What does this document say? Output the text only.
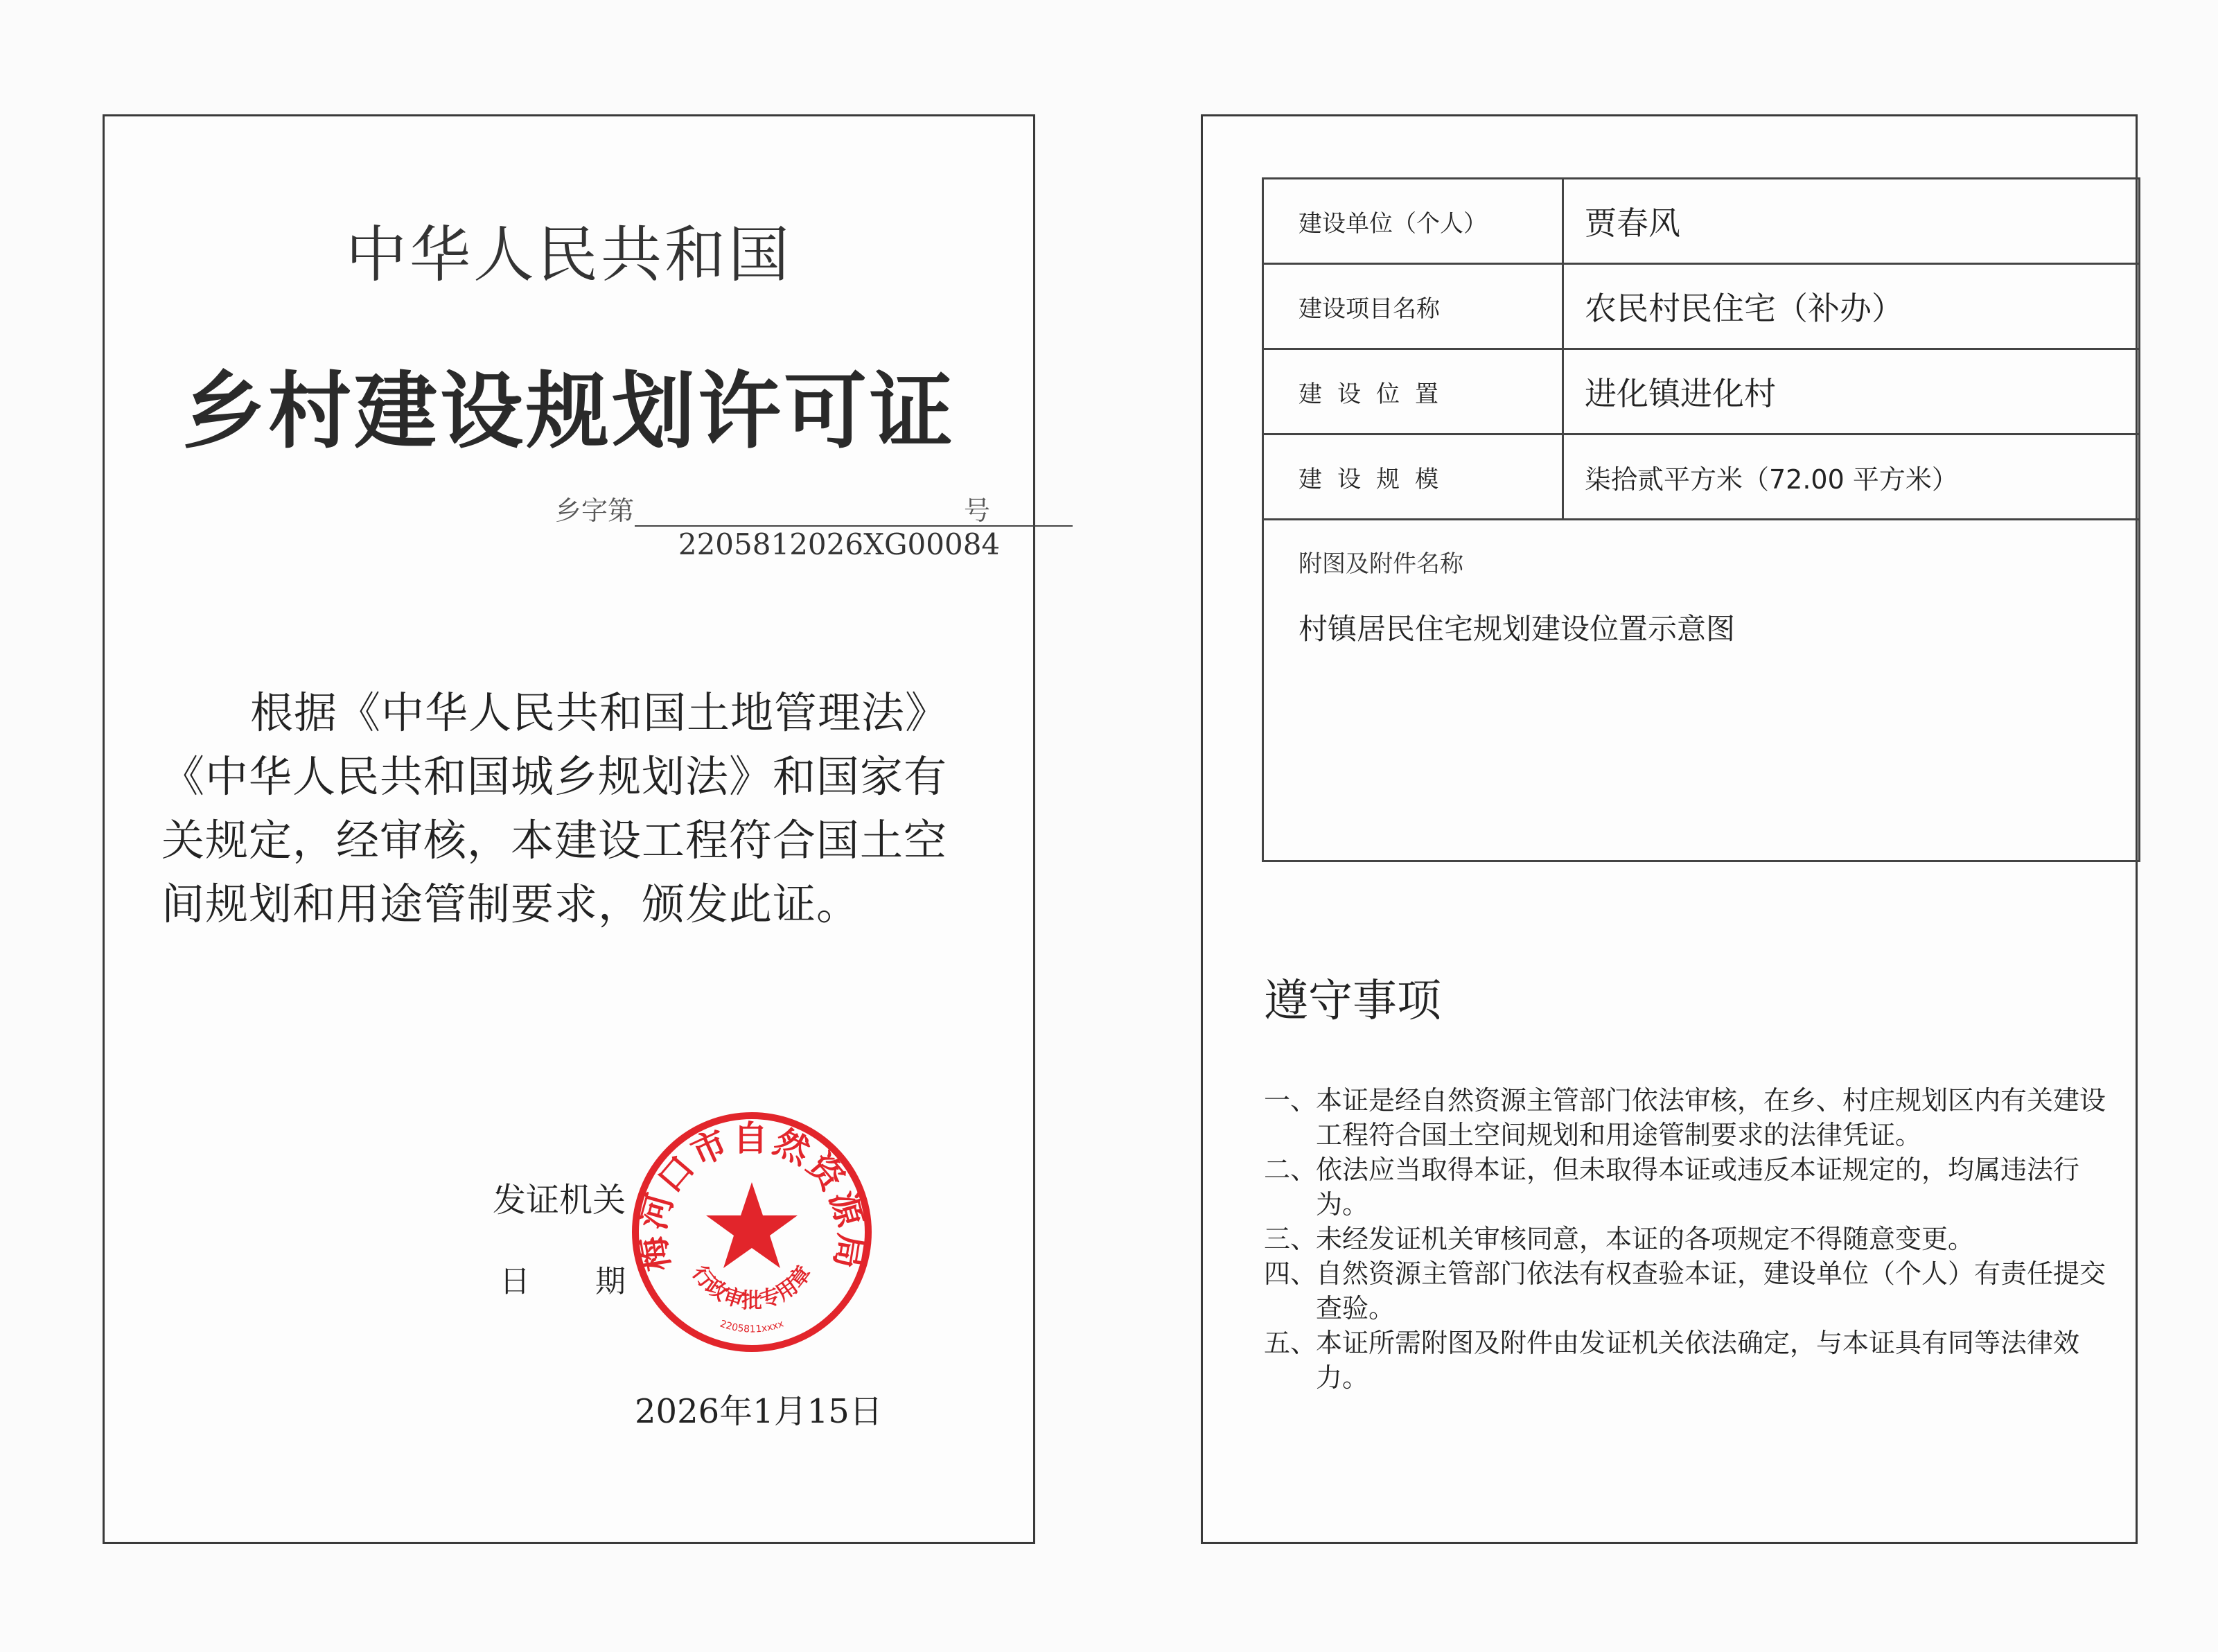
中华人民共和国
乡村建设规划许可证
乡字第	号
2205812026XG00084
根据《中华人民共和国土地管理法》《中华人民共和国城乡规划法》和国家有关规定，经审核，本建设工程符合国土空间规划和用途管制要求，颁发此证。
发证机关
日 期
2026年1月15日
梅河口市自然资源局
行政审批专用章
2205811xxxx
建设单位（个人）	贾春风
建设项目名称	农民村民住宅（补办）
建设位置	进化镇进化村
建设规模	柒拾贰平方米（72.00 平方米）

附图及附件名称
村镇居民住宅规划建设位置示意图	
遵守事项

一、
本证是经自然资源主管部门依法审核，在乡、村庄规划区内有关建设工程符合国土空间规划和用途管制要求的法律凭证。

二、
依法应当取得本证，但未取得本证或违反本证规定的，均属违法行为。

三、
未经发证机关审核同意，本证的各项规定不得随意变更。

四、
自然资源主管部门依法有权查验本证，建设单位（个人）有责任提交查验。

五、
本证所需附图及附件由发证机关依法确定，与本证具有同等法律效力。
